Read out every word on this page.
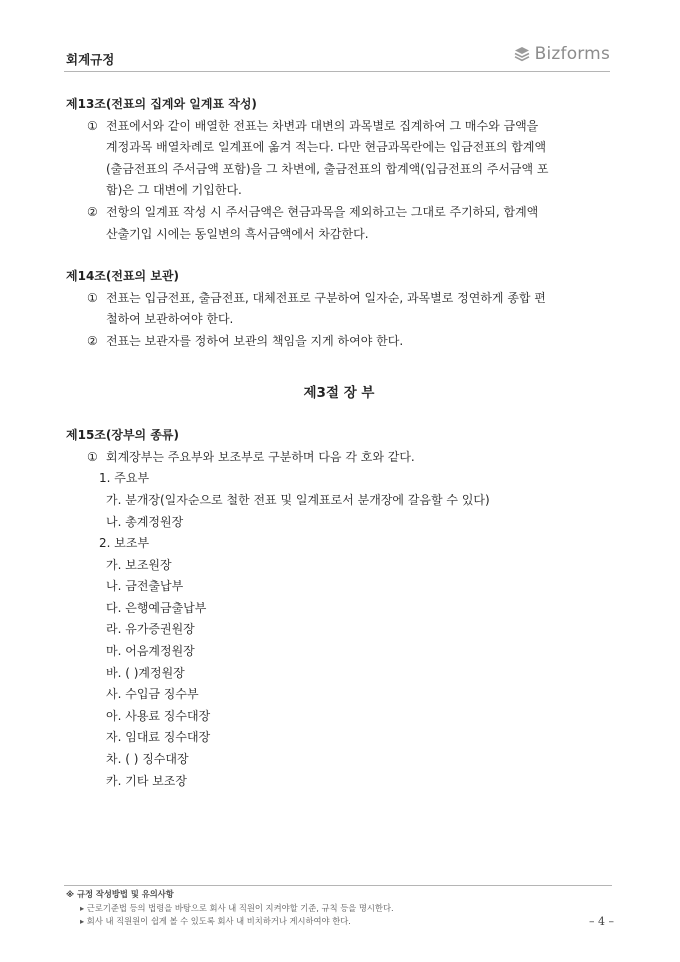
회계규정	Bizforms
제13조(전표의 집계와 일계표 작성)
① 전표에서와 같이 배열한 전표는 차변과 대변의 과목별로 집계하여 그 매수와 금액을
계정과목 배열차례로 일계표에 옮겨 적는다. 다만 현금과목란에는 입금전표의 합계액
(출금전표의 주서금액 포함)을 그 차변에, 출금전표의 합계액(입금전표의 주서금액 포
함)은 그 대변에 기입한다.
② 전항의 일계표 작성 시 주서금액은 현금과목을 제외하고는 그대로 주기하되, 합계액
산출기입 시에는 동일변의 흑서금액에서 차감한다.
제14조(전표의 보관)
① 전표는 입금전표, 출금전표, 대체전표로 구분하여 일자순, 과목별로 정연하게 종합 편
철하여 보관하여야 한다.
② 전표는 보관자를 정하여 보관의 책임을 지게 하여야 한다.
제3절 장 부
제15조(장부의 종류)
① 회계장부는 주요부와 보조부로 구분하며 다음 각 호와 같다.
1. 주요부
가. 분개장(일자순으로 철한 전표 및 일계표로서 분개장에 갈음할 수 있다)
나. 총계정원장
2. 보조부
가. 보조원장
나. 금전출납부
다. 은행예금출납부
라. 유가증권원장
마. 어음계정원장
바. ( )계정원장
사. 수입금 징수부
아. 사용료 징수대장
자. 임대료 징수대장
차. ( ) 징수대장
카. 기타 보조장
※ 규정 작성방법 및 유의사항
▸ 근로기준법 등의 법령을 바탕으로 회사 내 직원이 지켜야할 기준, 규칙 등을 명시한다.
▸ 회사 내 직원원이 쉽게 볼 수 있도록 회사 내 비치하거나 게시하여야 한다.	– 4 –
